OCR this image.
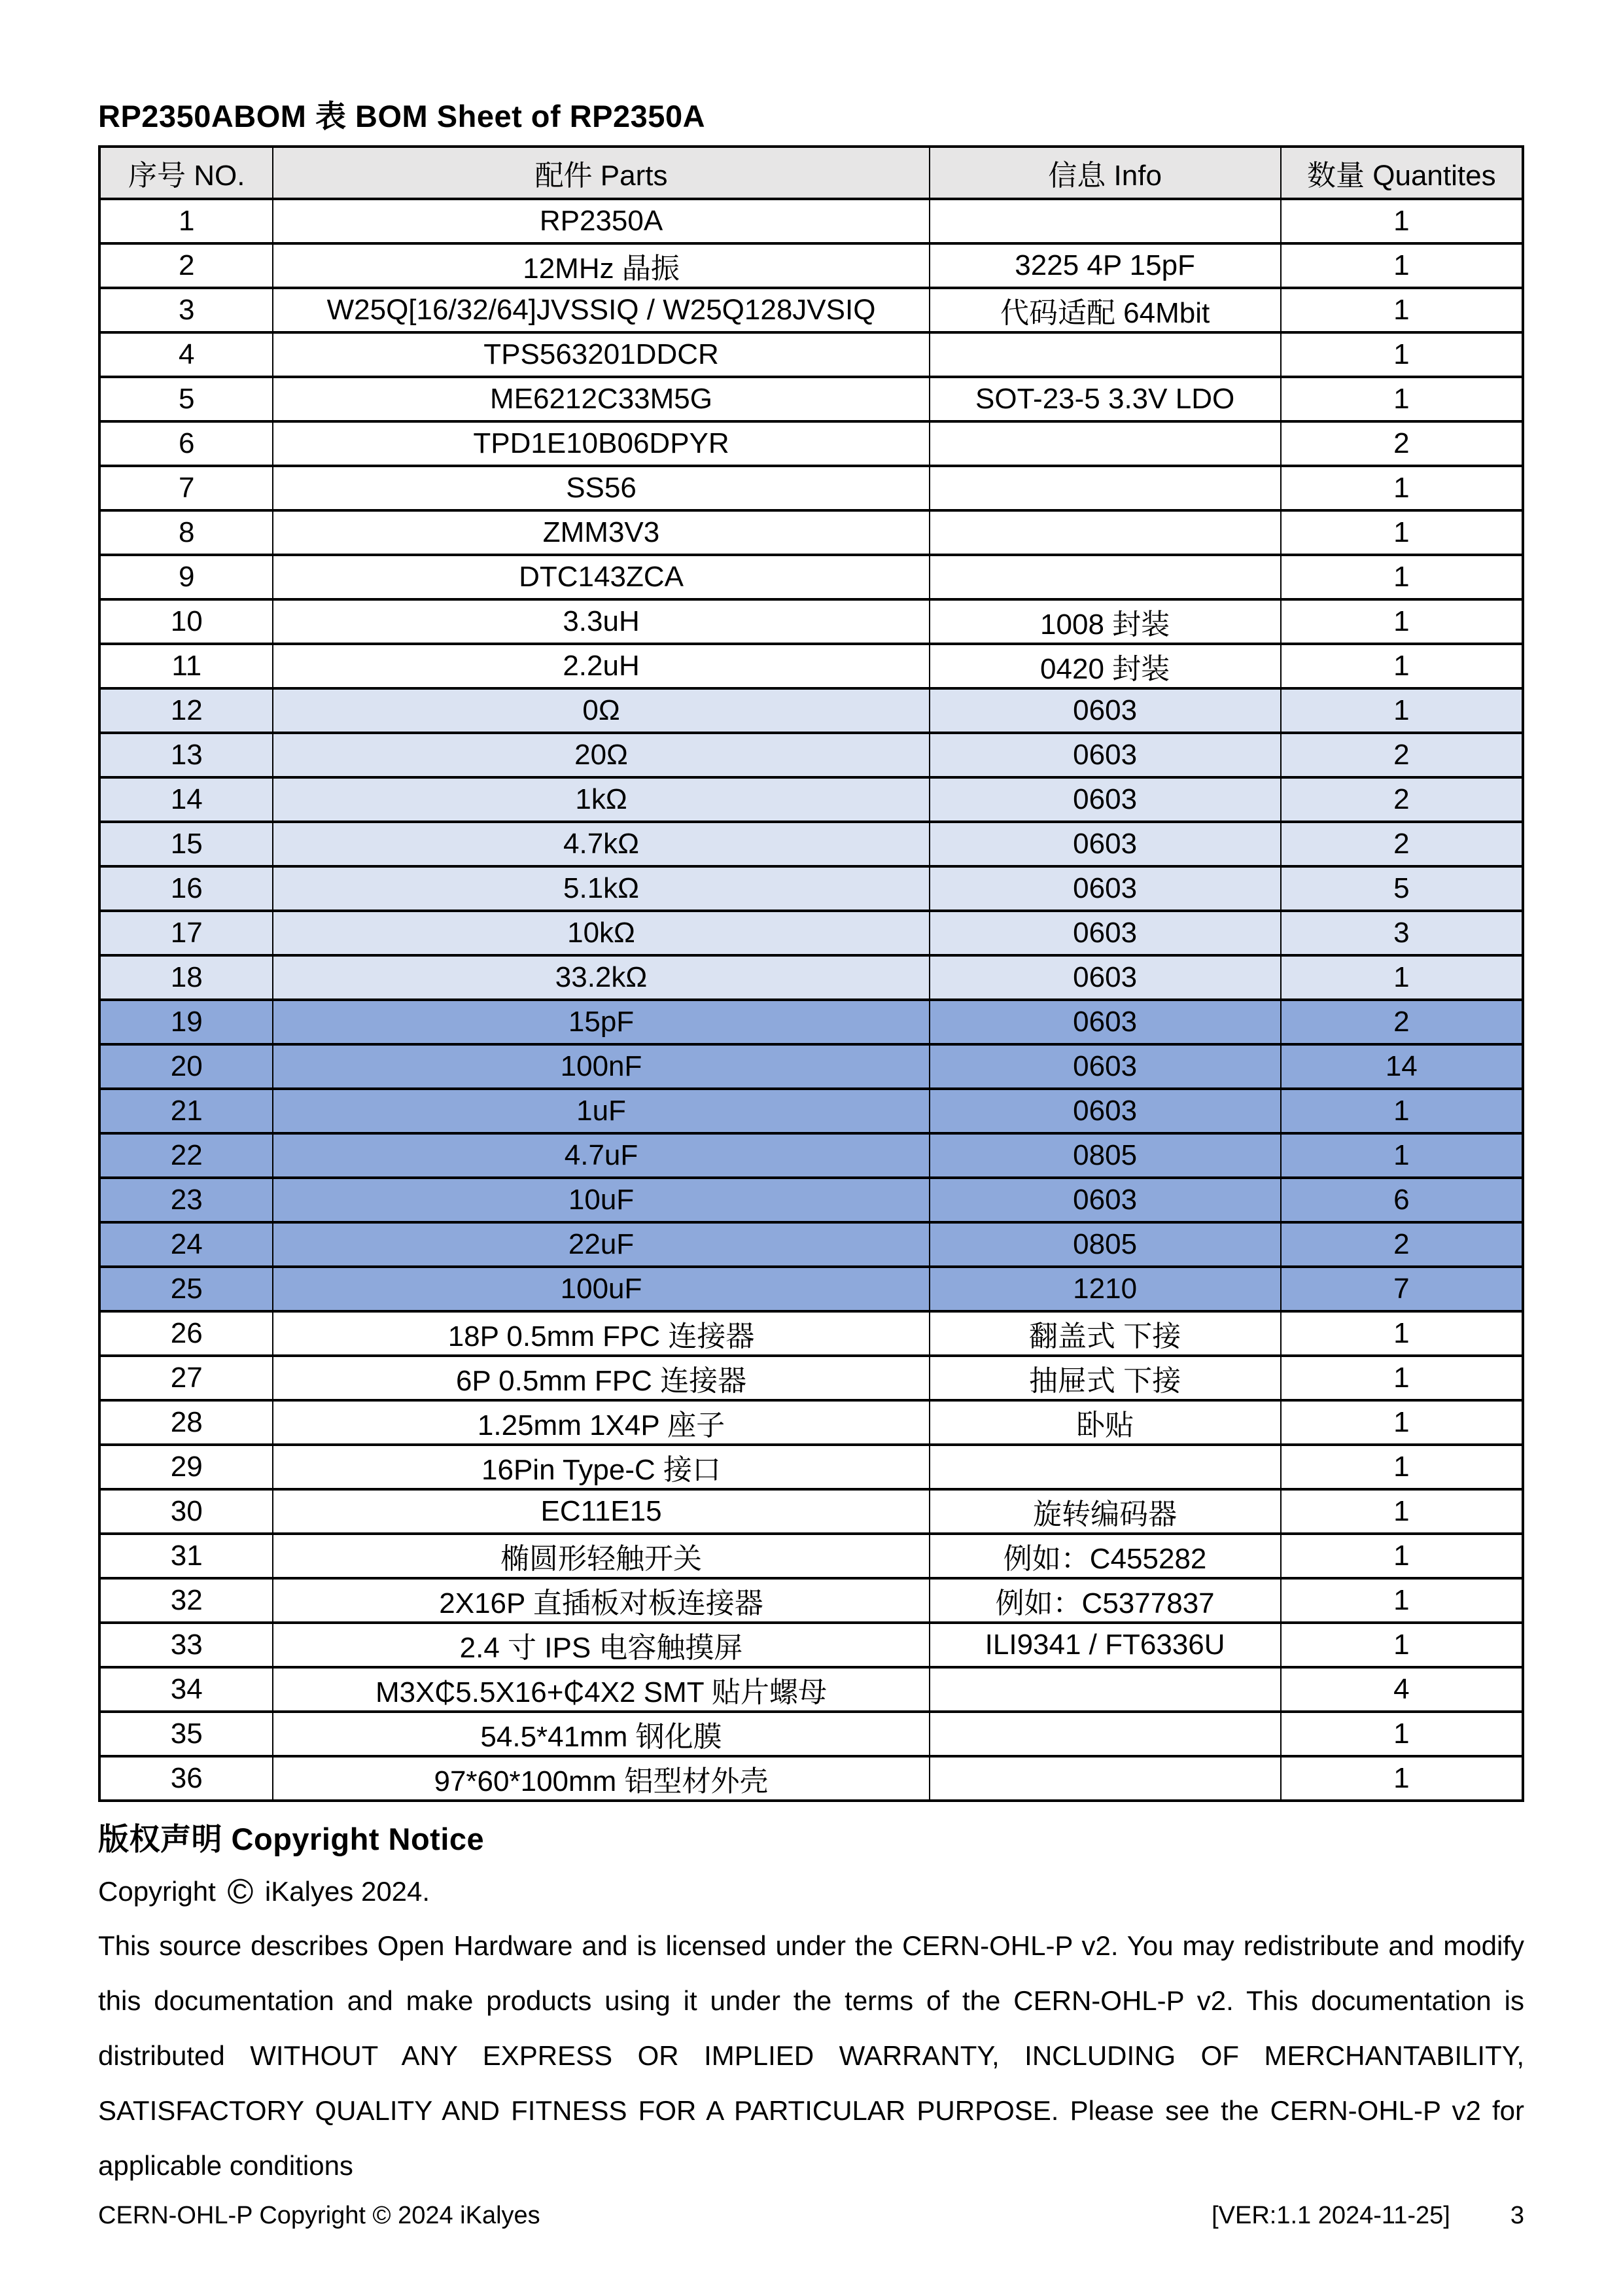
RP2350ABOM 表 BOM Sheet of RP2350A
序号 NO.	配件 Parts	信息 Info	数量 Quantites
1	RP2350A		1
2	12MHz 晶振	3225 4P 15pF	1
3	W25Q[16/32/64]JVSSIQ / W25Q128JVSIQ	代码适配 64Mbit	1
4	TPS563201DDCR		1
5	ME6212C33M5G	SOT-23-5 3.3V LDO	1
6	TPD1E10B06DPYR		2
7	SS56		1
8	ZMM3V3		1
9	DTC143ZCA		1
10	3.3uH	1008 封装	1
11	2.2uH	0420 封装	1
12	0Ω	0603	1
13	20Ω	0603	2
14	1kΩ	0603	2
15	4.7kΩ	0603	2
16	5.1kΩ	0603	5
17	10kΩ	0603	3
18	33.2kΩ	0603	1
19	15pF	0603	2
20	100nF	0603	14
21	1uF	0603	1
22	4.7uF	0805	1
23	10uF	0603	6
24	22uF	0805	2
25	100uF	1210	7
26	18P 0.5mm FPC 连接器	翻盖式 下接	1
27	6P 0.5mm FPC 连接器	抽屉式 下接	1
28	1.25mm 1X4P 座子	卧贴	1
29	16Pin Type-C 接口		1
30	EC11E15	旋转编码器	1
31	椭圆形轻触开关	例如：C455282	1
32	2X16P 直插板对板连接器	例如：C5377837	1
33	2.4 寸 IPS 电容触摸屏	ILI9341 / FT6336U	1
34	M3X₵5.5X16+₵4X2 SMT 贴片螺母		4
35	54.5*41mm 钢化膜		1
36	97*60*100mm 铝型材外壳		1
版权声明 Copyright Notice
Copyright © iKalyes 2024.

This source describes Open Hardware and is licensed under the CERN-OHL-P v2. You may redistribute and modify this documentation and make products using it under the terms of the CERN-OHL-P v2. This documentation is distributed WITHOUT ANY EXPRESS OR IMPLIED WARRANTY, INCLUDING OF MERCHANTABILITY, SATISFACTORY QUALITY AND FITNESS FOR A PARTICULAR PURPOSE. Please see the CERN-OHL-P v2 for applicable conditions

CERN-OHL-P Copyright © 2024 iKalyes	[VER:1.1 2024-11-25] 3
